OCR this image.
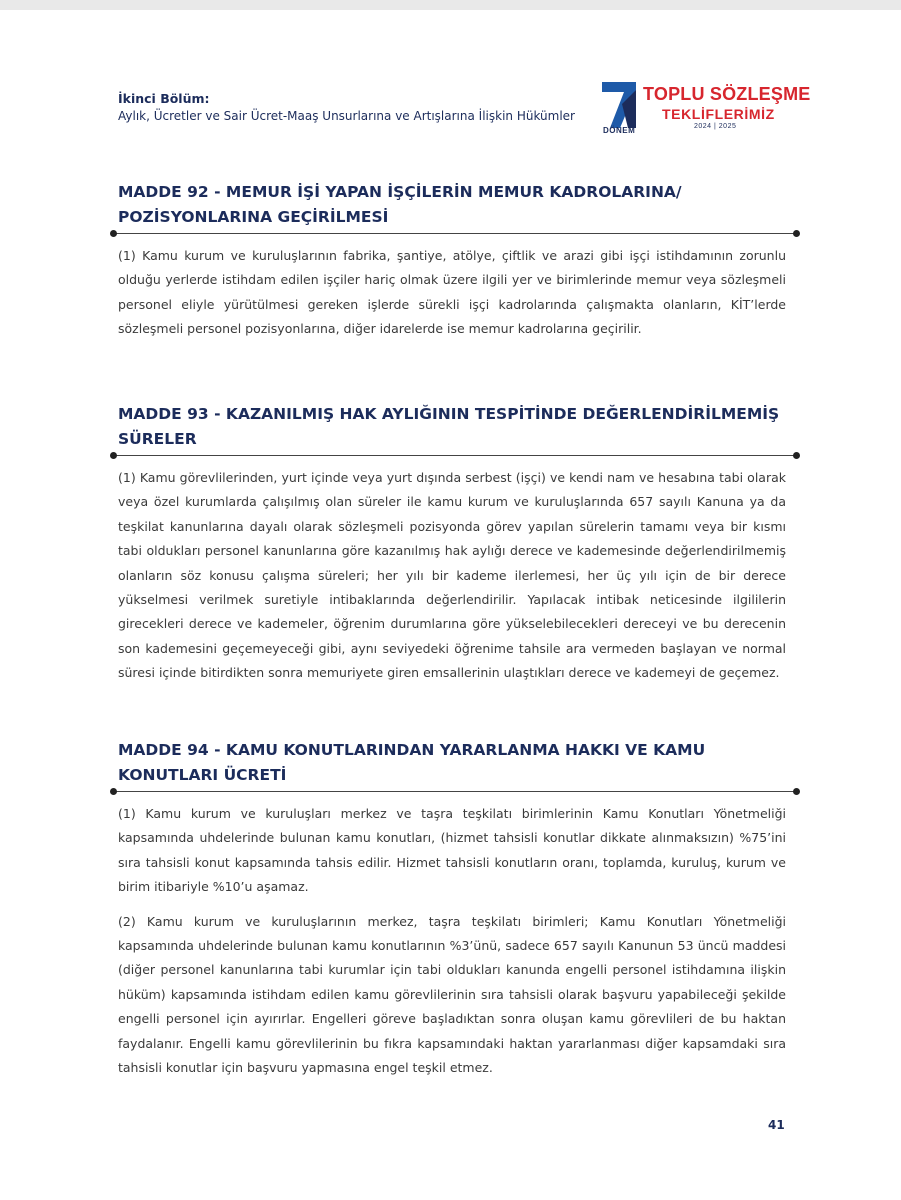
İkinci Bölüm:
Aylık, Ücretler ve Sair Ücret-Maaş Unsurlarına ve Artışlarına İlişkin Hükümler
DÖNEM
TOPLU SÖZLEŞME
TEKLİFLERİMİZ
2024 | 2025
MADDE 92 - MEMUR İŞİ YAPAN İŞÇİLERİN MEMUR KADROLARINA/
POZİSYONLARINA GEÇİRİLMESİ

(1) Kamu kurum ve kuruluşlarının fabrika, şantiye, atölye, çiftlik ve arazi gibi işçi istihdamının zorunlu olduğu yerlerde istihdam edilen işçiler hariç olmak üzere ilgili yer ve birimlerinde memur veya sözleşmeli personel eliyle yürütülmesi gereken işlerde sürekli işçi kadrolarında çalışmakta olanların, KİT’lerde sözleşmeli personel pozisyonlarına, diğer idarelerde ise memur kadrolarına geçirilir.

MADDE 93 - KAZANILMIŞ HAK AYLIĞININ TESPİTİNDE DEĞERLENDİRİLMEMİŞ
SÜRELER

(1) Kamu görevlilerinden, yurt içinde veya yurt dışında serbest (işçi) ve kendi nam ve hesabına tabi olarak veya özel kurumlarda çalışılmış olan süreler ile kamu kurum ve kuruluşlarında 657 sayılı Kanuna ya da teşkilat kanunlarına dayalı olarak sözleşmeli pozisyonda görev yapılan sürelerin tamamı veya bir kısmı tabi oldukları personel kanunlarına göre kazanılmış hak aylığı derece ve kademesinde değerlendirilmemiş olanların söz konusu çalışma süreleri; her yılı bir kademe ilerlemesi, her üç yılı için de bir derece yükselmesi verilmek suretiyle intibaklarında değerlendirilir. Yapılacak intibak neticesinde ilgililerin girecekleri derece ve kademeler, öğrenim durumlarına göre yükselebilecekleri dereceyi ve bu derecenin son kademesini geçemeyeceği gibi, aynı seviyedeki öğrenime tahsile ara vermeden başlayan ve normal süresi içinde bitirdikten sonra memuriyete giren emsallerinin ulaştıkları derece ve kademeyi de geçemez.

MADDE 94 - KAMU KONUTLARINDAN YARARLANMA HAKKI VE KAMU
KONUTLARI ÜCRETİ

(1) Kamu kurum ve kuruluşları merkez ve taşra teşkilatı birimlerinin Kamu Konutları Yönetmeliği kapsamında uhdelerinde bulunan kamu konutları, (hizmet tahsisli konutlar dikkate alınmaksızın) %75’ini sıra tahsisli konut kapsamında tahsis edilir. Hizmet tahsisli konutların oranı, toplamda, kuruluş, kurum ve birim itibariyle %10’u aşamaz.

(2) Kamu kurum ve kuruluşlarının merkez, taşra teşkilatı birimleri; Kamu Konutları Yönetmeliği kapsamında uhdelerinde bulunan kamu konutlarının %3’ünü, sadece 657 sayılı Kanunun 53 üncü maddesi (diğer personel kanunlarına tabi kurumlar için tabi oldukları kanunda engelli personel istihdamına ilişkin hüküm) kapsamında istihdam edilen kamu görevlilerinin sıra tahsisli olarak başvuru yapabileceği şekilde engelli personel için ayırırlar. Engelleri göreve başladıktan sonra oluşan kamu görevlileri de bu haktan faydalanır. Engelli kamu görevlilerinin bu fıkra kapsamındaki haktan yararlanması diğer kapsamdaki sıra tahsisli konutlar için başvuru yapmasına engel teşkil etmez.

41
